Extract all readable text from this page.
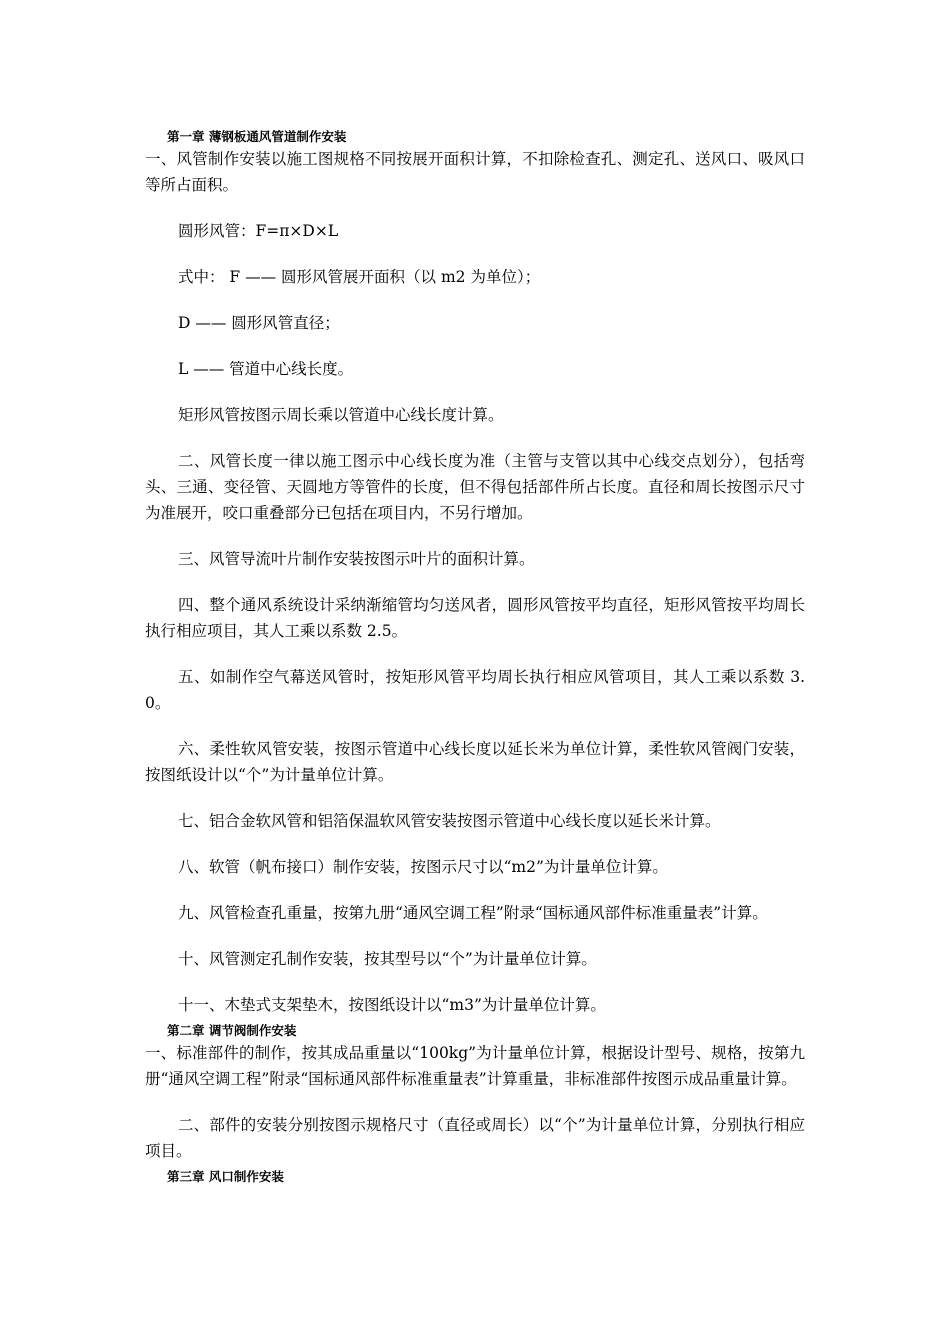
第一章 薄钢板通风管道制作安装

一、风管制作安装以施工图规格不同按展开面积计算，不扣除检查孔、测定孔、送风口、吸风口等所占面积。

圆形风管：F=π×D×L

式中： F —— 圆形风管展开面积（以 m2 为单位）；

D —— 圆形风管直径；

L —— 管道中心线长度。

矩形风管按图示周长乘以管道中心线长度计算。

二、风管长度一律以施工图示中心线长度为准（主管与支管以其中心线交点划分），包括弯头、三通、变径管、天圆地方等管件的长度，但不得包括部件所占长度。直径和周长按图示尺寸为准展开，咬口重叠部分已包括在项目内，不另行增加。

三、风管导流叶片制作安装按图示叶片的面积计算。

四、整个通风系统设计采纳渐缩管均匀送风者，圆形风管按平均直径，矩形风管按平均周长执行相应项目，其人工乘以系数 2.5。

五、如制作空气幕送风管时，按矩形风管平均周长执行相应风管项目，其人工乘以系数 3.0。

六、柔性软风管安装，按图示管道中心线长度以延长米为单位计算，柔性软风管阀门安装，按图纸设计以“个”为计量单位计算。

七、铝合金软风管和铝箔保温软风管安装按图示管道中心线长度以延长米计算。

八、软管（帆布接口）制作安装，按图示尺寸以“m2”为计量单位计算。

九、风管检查孔重量，按第九册“通风空调工程”附录“国标通风部件标准重量表”计算。

十、风管测定孔制作安装，按其型号以“个”为计量单位计算。

十一、木垫式支架垫木，按图纸设计以“m3”为计量单位计算。

第二章 调节阀制作安装

一、标准部件的制作，按其成品重量以“100kg”为计量单位计算，根据设计型号、规格，按第九册“通风空调工程”附录“国标通风部件标准重量表”计算重量，非标准部件按图示成品重量计算。

二、部件的安装分别按图示规格尺寸（直径或周长）以“个”为计量单位计算，分别执行相应项目。

第三章 风口制作安装
